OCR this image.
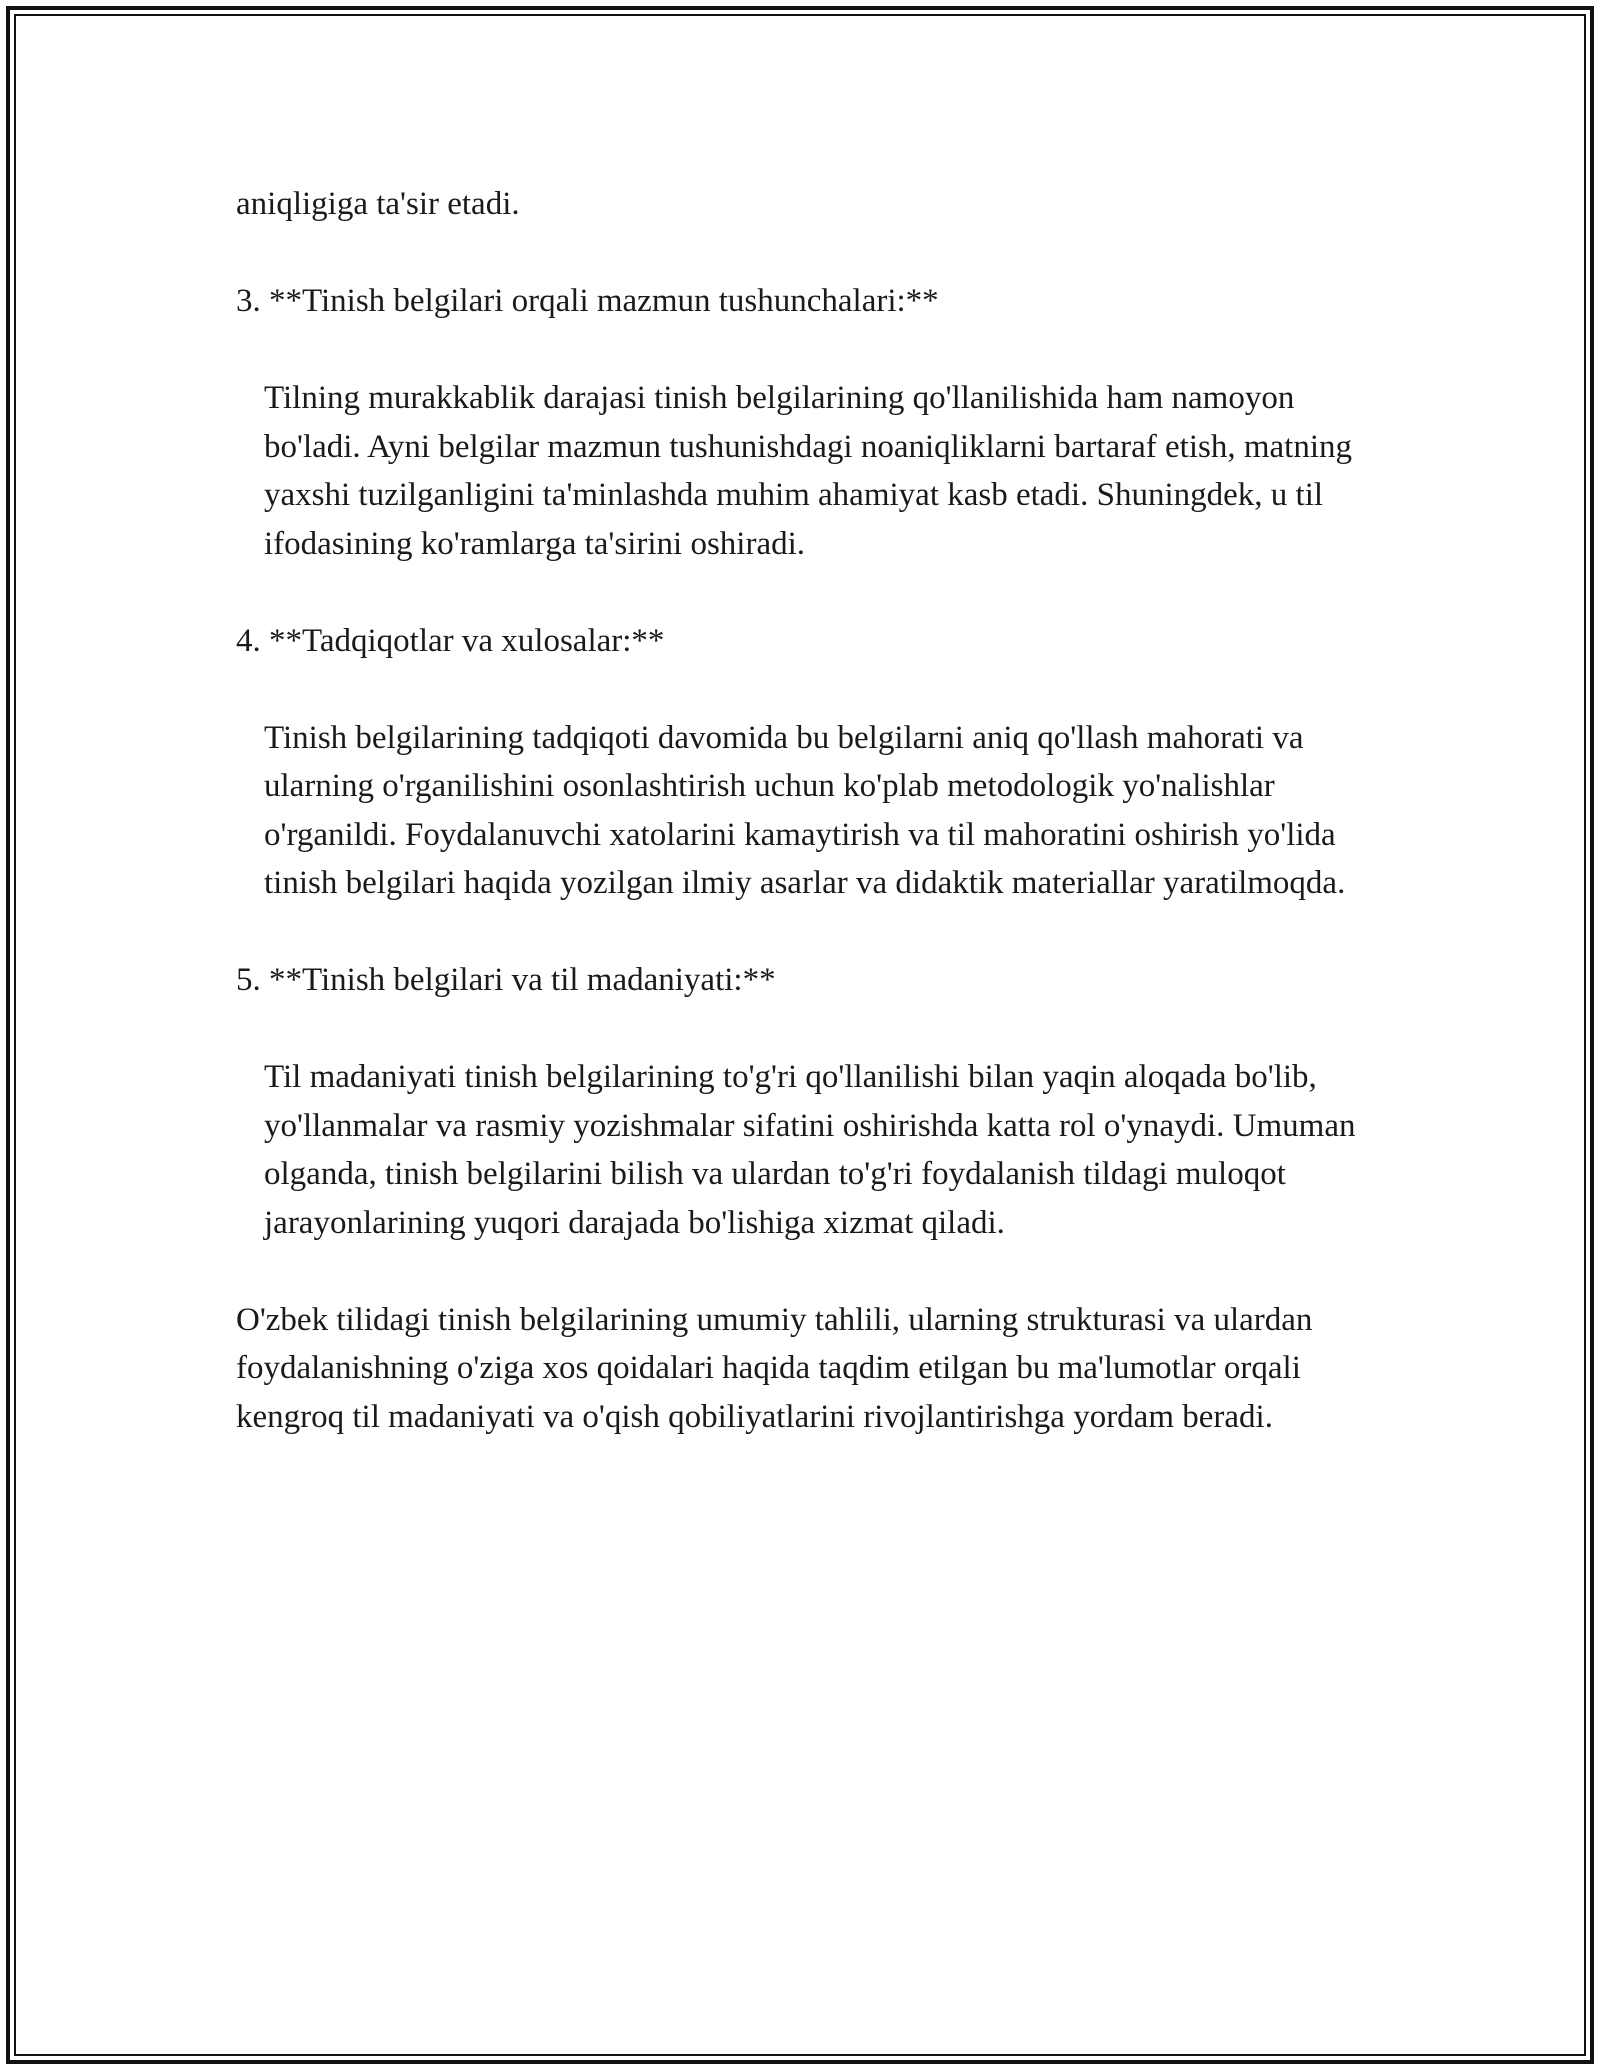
aniqligiga ta'sir etadi.

3. **Tinish belgilari orqali mazmun tushunchalari:**

Tilning murakkablik darajasi tinish belgilarining qo'llanilishida ham namoyon bo'ladi. Ayni belgilar mazmun tushunishdagi noaniqliklarni bartaraf etish, matning yaxshi tuzilganligini ta'minlashda muhim ahamiyat kasb etadi. Shuningdek, u til ifodasining ko'ramlarga ta'sirini oshiradi.

4. **Tadqiqotlar va xulosalar:**

Tinish belgilarining tadqiqoti davomida bu belgilarni aniq qo'llash mahorati va ularning o'rganilishini osonlashtirish uchun ko'plab metodologik yo'nalishlar o'rganildi. Foydalanuvchi xatolarini kamaytirish va til mahoratini oshirish yo'lida tinish belgilari haqida yozilgan ilmiy asarlar va didaktik materiallar yaratilmoqda.

5. **Tinish belgilari va til madaniyati:**

Til madaniyati tinish belgilarining to'g'ri qo'llanilishi bilan yaqin aloqada bo'lib, yo'llanmalar va rasmiy yozishmalar sifatini oshirishda katta rol o'ynaydi. Umuman olganda, tinish belgilarini bilish va ulardan to'g'ri foydalanish tildagi muloqot jarayonlarining yuqori darajada bo'lishiga xizmat qiladi.

O'zbek tilidagi tinish belgilarining umumiy tahlili, ularning strukturasi va ulardan foydalanishning o'ziga xos qoidalari haqida taqdim etilgan bu ma'lumotlar orqali kengroq til madaniyati va o'qish qobiliyatlarini rivojlantirishga yordam beradi.
